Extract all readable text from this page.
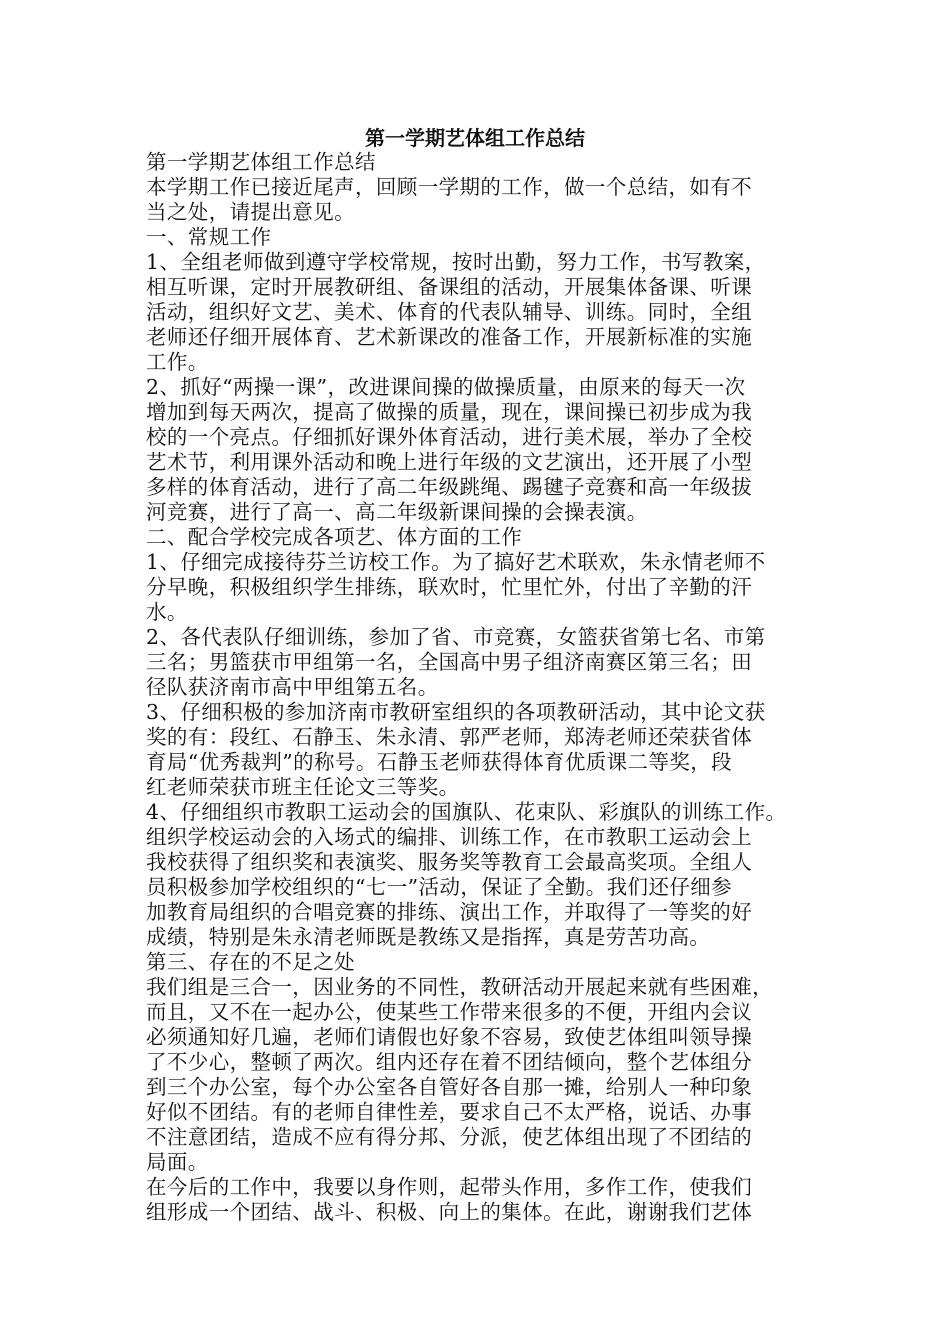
第一学期艺体组工作总结
第一学期艺体组工作总结
本学期工作已接近尾声，回顾一学期的工作，做一个总结，如有不
当之处，请提出意见。
一、常规工作
1、全组老师做到遵守学校常规，按时出勤，努力工作，书写教案，
相互听课，定时开展教研组、备课组的活动，开展集体备课、听课
活动，组织好文艺、美术、体育的代表队辅导、训练。同时，全组
老师还仔细开展体育、艺术新课改的准备工作，开展新标准的实施
工作。
2、抓好“两操一课”，改进课间操的做操质量，由原来的每天一次
增加到每天两次，提高了做操的质量，现在，课间操已初步成为我
校的一个亮点。仔细抓好课外体育活动，进行美术展，举办了全校
艺术节，利用课外活动和晚上进行年级的文艺演出，还开展了小型
多样的体育活动，进行了高二年级跳绳、踢毽子竞赛和高一年级拔
河竞赛，进行了高一、高二年级新课间操的会操表演。
二、配合学校完成各项艺、体方面的工作
1、仔细完成接待芬兰访校工作。为了搞好艺术联欢，朱永情老师不
分早晚，积极组织学生排练，联欢时，忙里忙外，付出了辛勤的汗
水。
2、各代表队仔细训练，参加了省、市竞赛，女篮获省第七名、市第
三名；男篮获市甲组第一名，全国高中男子组济南赛区第三名；田
径队获济南市高中甲组第五名。
3、仔细积极的参加济南市教研室组织的各项教研活动，其中论文获
奖的有：段红、石静玉、朱永清、郭严老师，郑涛老师还荣获省体
育局“优秀裁判”的称号。石静玉老师获得体育优质课二等奖，段
红老师荣获市班主任论文三等奖。
4、仔细组织市教职工运动会的国旗队、花束队、彩旗队的训练工作。
组织学校运动会的入场式的编排、训练工作，在市教职工运动会上
我校获得了组织奖和表演奖、服务奖等教育工会最高奖项。全组人
员积极参加学校组织的“七一”活动，保证了全勤。我们还仔细参
加教育局组织的合唱竞赛的排练、演出工作，并取得了一等奖的好
成绩，特别是朱永清老师既是教练又是指挥，真是劳苦功高。
第三、存在的不足之处
我们组是三合一，因业务的不同性，教研活动开展起来就有些困难，
而且，又不在一起办公，使某些工作带来很多的不便，开组内会议
必须通知好几遍，老师们请假也好象不容易，致使艺体组叫领导操
了不少心，整顿了两次。组内还存在着不团结倾向，整个艺体组分
到三个办公室，每个办公室各自管好各自那一摊，给别人一种印象
好似不团结。有的老师自律性差，要求自己不太严格，说话、办事
不注意团结，造成不应有得分邦、分派，使艺体组出现了不团结的
局面。
在今后的工作中，我要以身作则，起带头作用，多作工作，使我们
组形成一个团结、战斗、积极、向上的集体。在此，谢谢我们艺体
